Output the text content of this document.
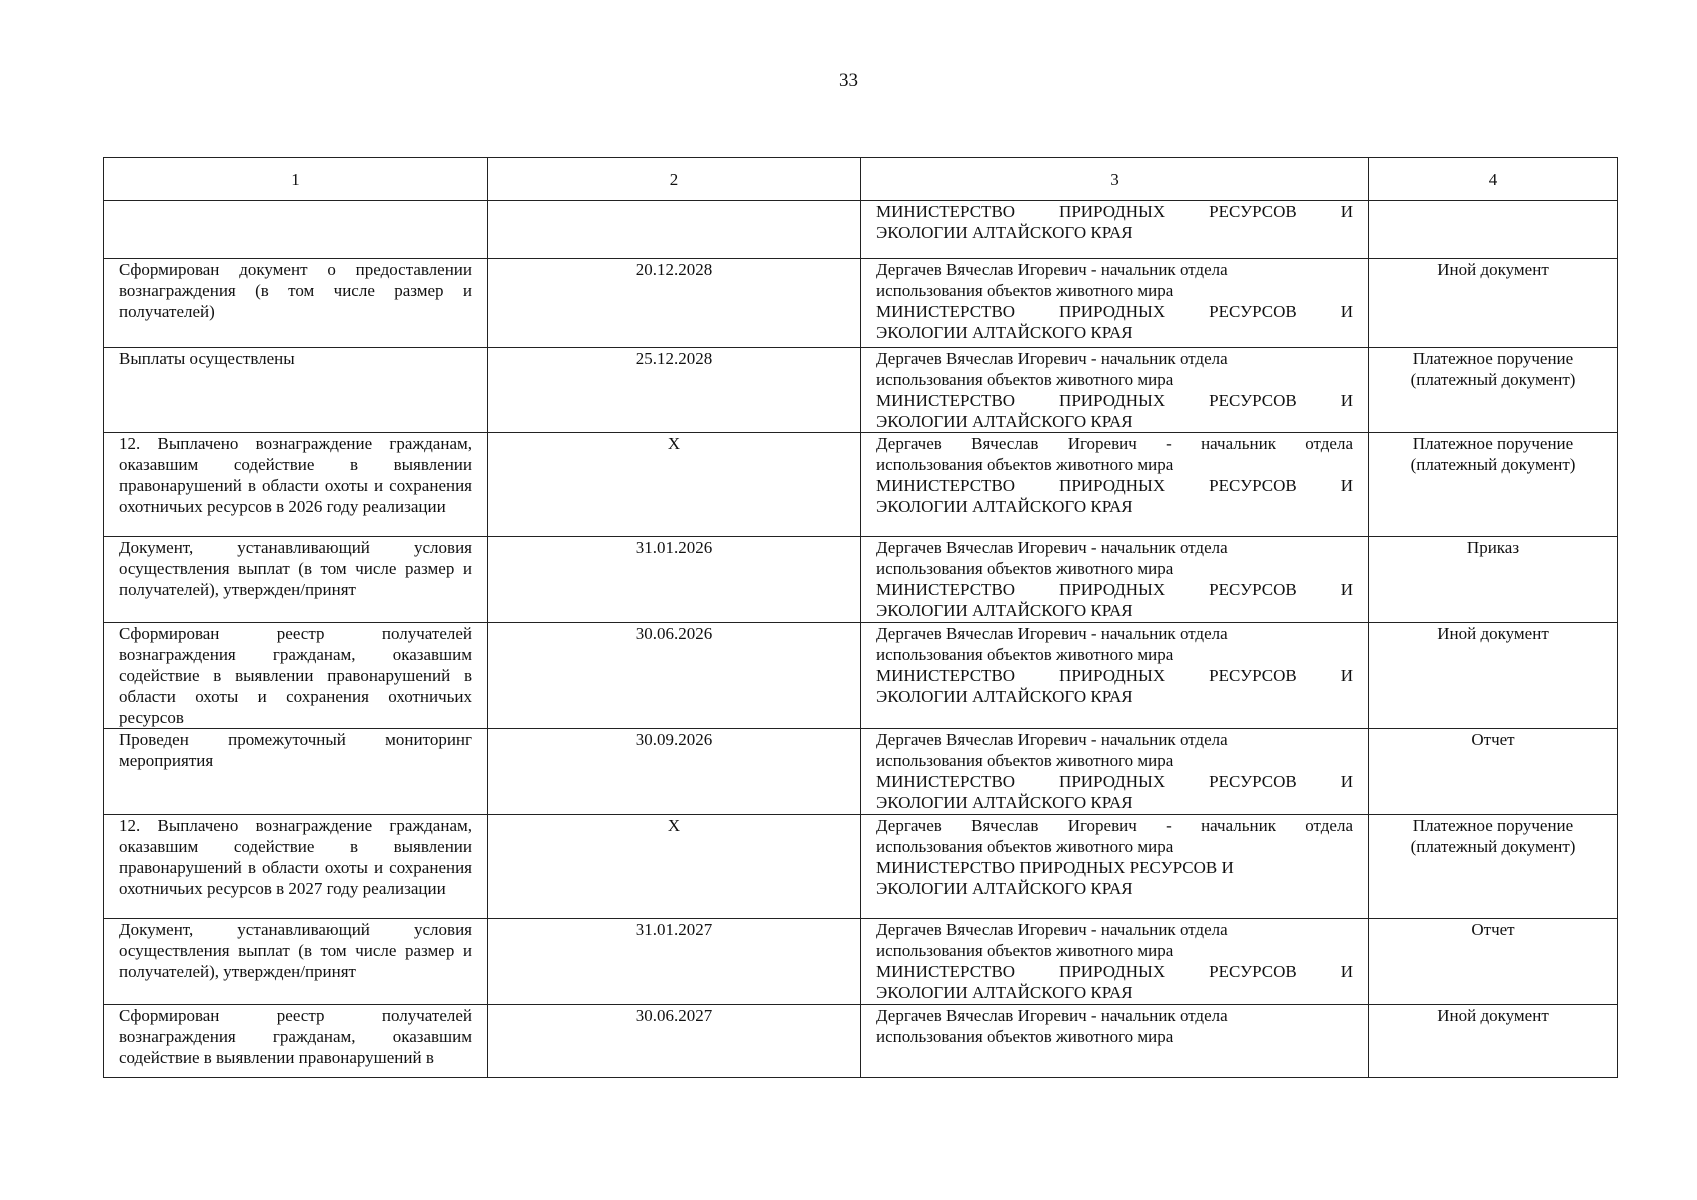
33
1	2	3	4

		МИНИСТЕРСТВО ПРИРОДНЫХ РЕСУРСОВ И
ЭКОЛОГИИ АЛТАЙСКОГО КРАЯ	

Сформирован документ о предоставлении вознаграждения (в том числе размер и получателей)	20.12.2028	Дергачев Вячеслав Игоревич - начальник отдела
использования объектов животного мира
МИНИСТЕРСТВО ПРИРОДНЫХ РЕСУРСОВ И
ЭКОЛОГИИ АЛТАЙСКОГО КРАЯ	Иной документ
Выплаты осуществлены	25.12.2028	Дергачев Вячеслав Игоревич - начальник отдела
использования объектов животного мира
МИНИСТЕРСТВО ПРИРОДНЫХ РЕСУРСОВ И
ЭКОЛОГИИ АЛТАЙСКОГО КРАЯ	Платежное поручение (платежный документ)
12. Выплачено вознаграждение гражданам, оказавшим содействие в выявлении правонарушений в области охоты и сохранения охотничьих ресурсов в 2026 году реализации	X	Дергачев Вячеслав Игоревич - начальник отдела
использования объектов животного мира
МИНИСТЕРСТВО ПРИРОДНЫХ РЕСУРСОВ И
ЭКОЛОГИИ АЛТАЙСКОГО КРАЯ	Платежное поручение (платежный документ)
Документ, устанавливающий условия осуществления выплат (в том числе размер и получателей), утвержден/принят	31.01.2026	Дергачев Вячеслав Игоревич - начальник отдела
использования объектов животного мира
МИНИСТЕРСТВО ПРИРОДНЫХ РЕСУРСОВ И
ЭКОЛОГИИ АЛТАЙСКОГО КРАЯ	Приказ
Сформирован реестр получателей вознаграждения гражданам, оказавшим содействие в выявлении правонарушений в области охоты и сохранения охотничьих ресурсов	30.06.2026	Дергачев Вячеслав Игоревич - начальник отдела
использования объектов животного мира
МИНИСТЕРСТВО ПРИРОДНЫХ РЕСУРСОВ И
ЭКОЛОГИИ АЛТАЙСКОГО КРАЯ	Иной документ
Проведен промежуточный мониторинг мероприятия	30.09.2026	Дергачев Вячеслав Игоревич - начальник отдела
использования объектов животного мира
МИНИСТЕРСТВО ПРИРОДНЫХ РЕСУРСОВ И
ЭКОЛОГИИ АЛТАЙСКОГО КРАЯ	Отчет
12. Выплачено вознаграждение гражданам, оказавшим содействие в выявлении правонарушений в области охоты и сохранения охотничьих ресурсов в 2027 году реализации	X	Дергачев Вячеслав Игоревич - начальник отдела
использования объектов животного мира
МИНИСТЕРСТВО ПРИРОДНЫХ РЕСУРСОВ И
ЭКОЛОГИИ АЛТАЙСКОГО КРАЯ	Платежное поручение (платежный документ)
Документ, устанавливающий условия осуществления выплат (в том числе размер и получателей), утвержден/принят	31.01.2027	Дергачев Вячеслав Игоревич - начальник отдела
использования объектов животного мира
МИНИСТЕРСТВО ПРИРОДНЫХ РЕСУРСОВ И
ЭКОЛОГИИ АЛТАЙСКОГО КРАЯ	Отчет
Сформирован реестр получателей вознаграждения гражданам, оказавшим содействие в выявлении правонарушений в	30.06.2027	Дергачев Вячеслав Игоревич - начальник отдела
использования объектов животного мира	Иной документ
